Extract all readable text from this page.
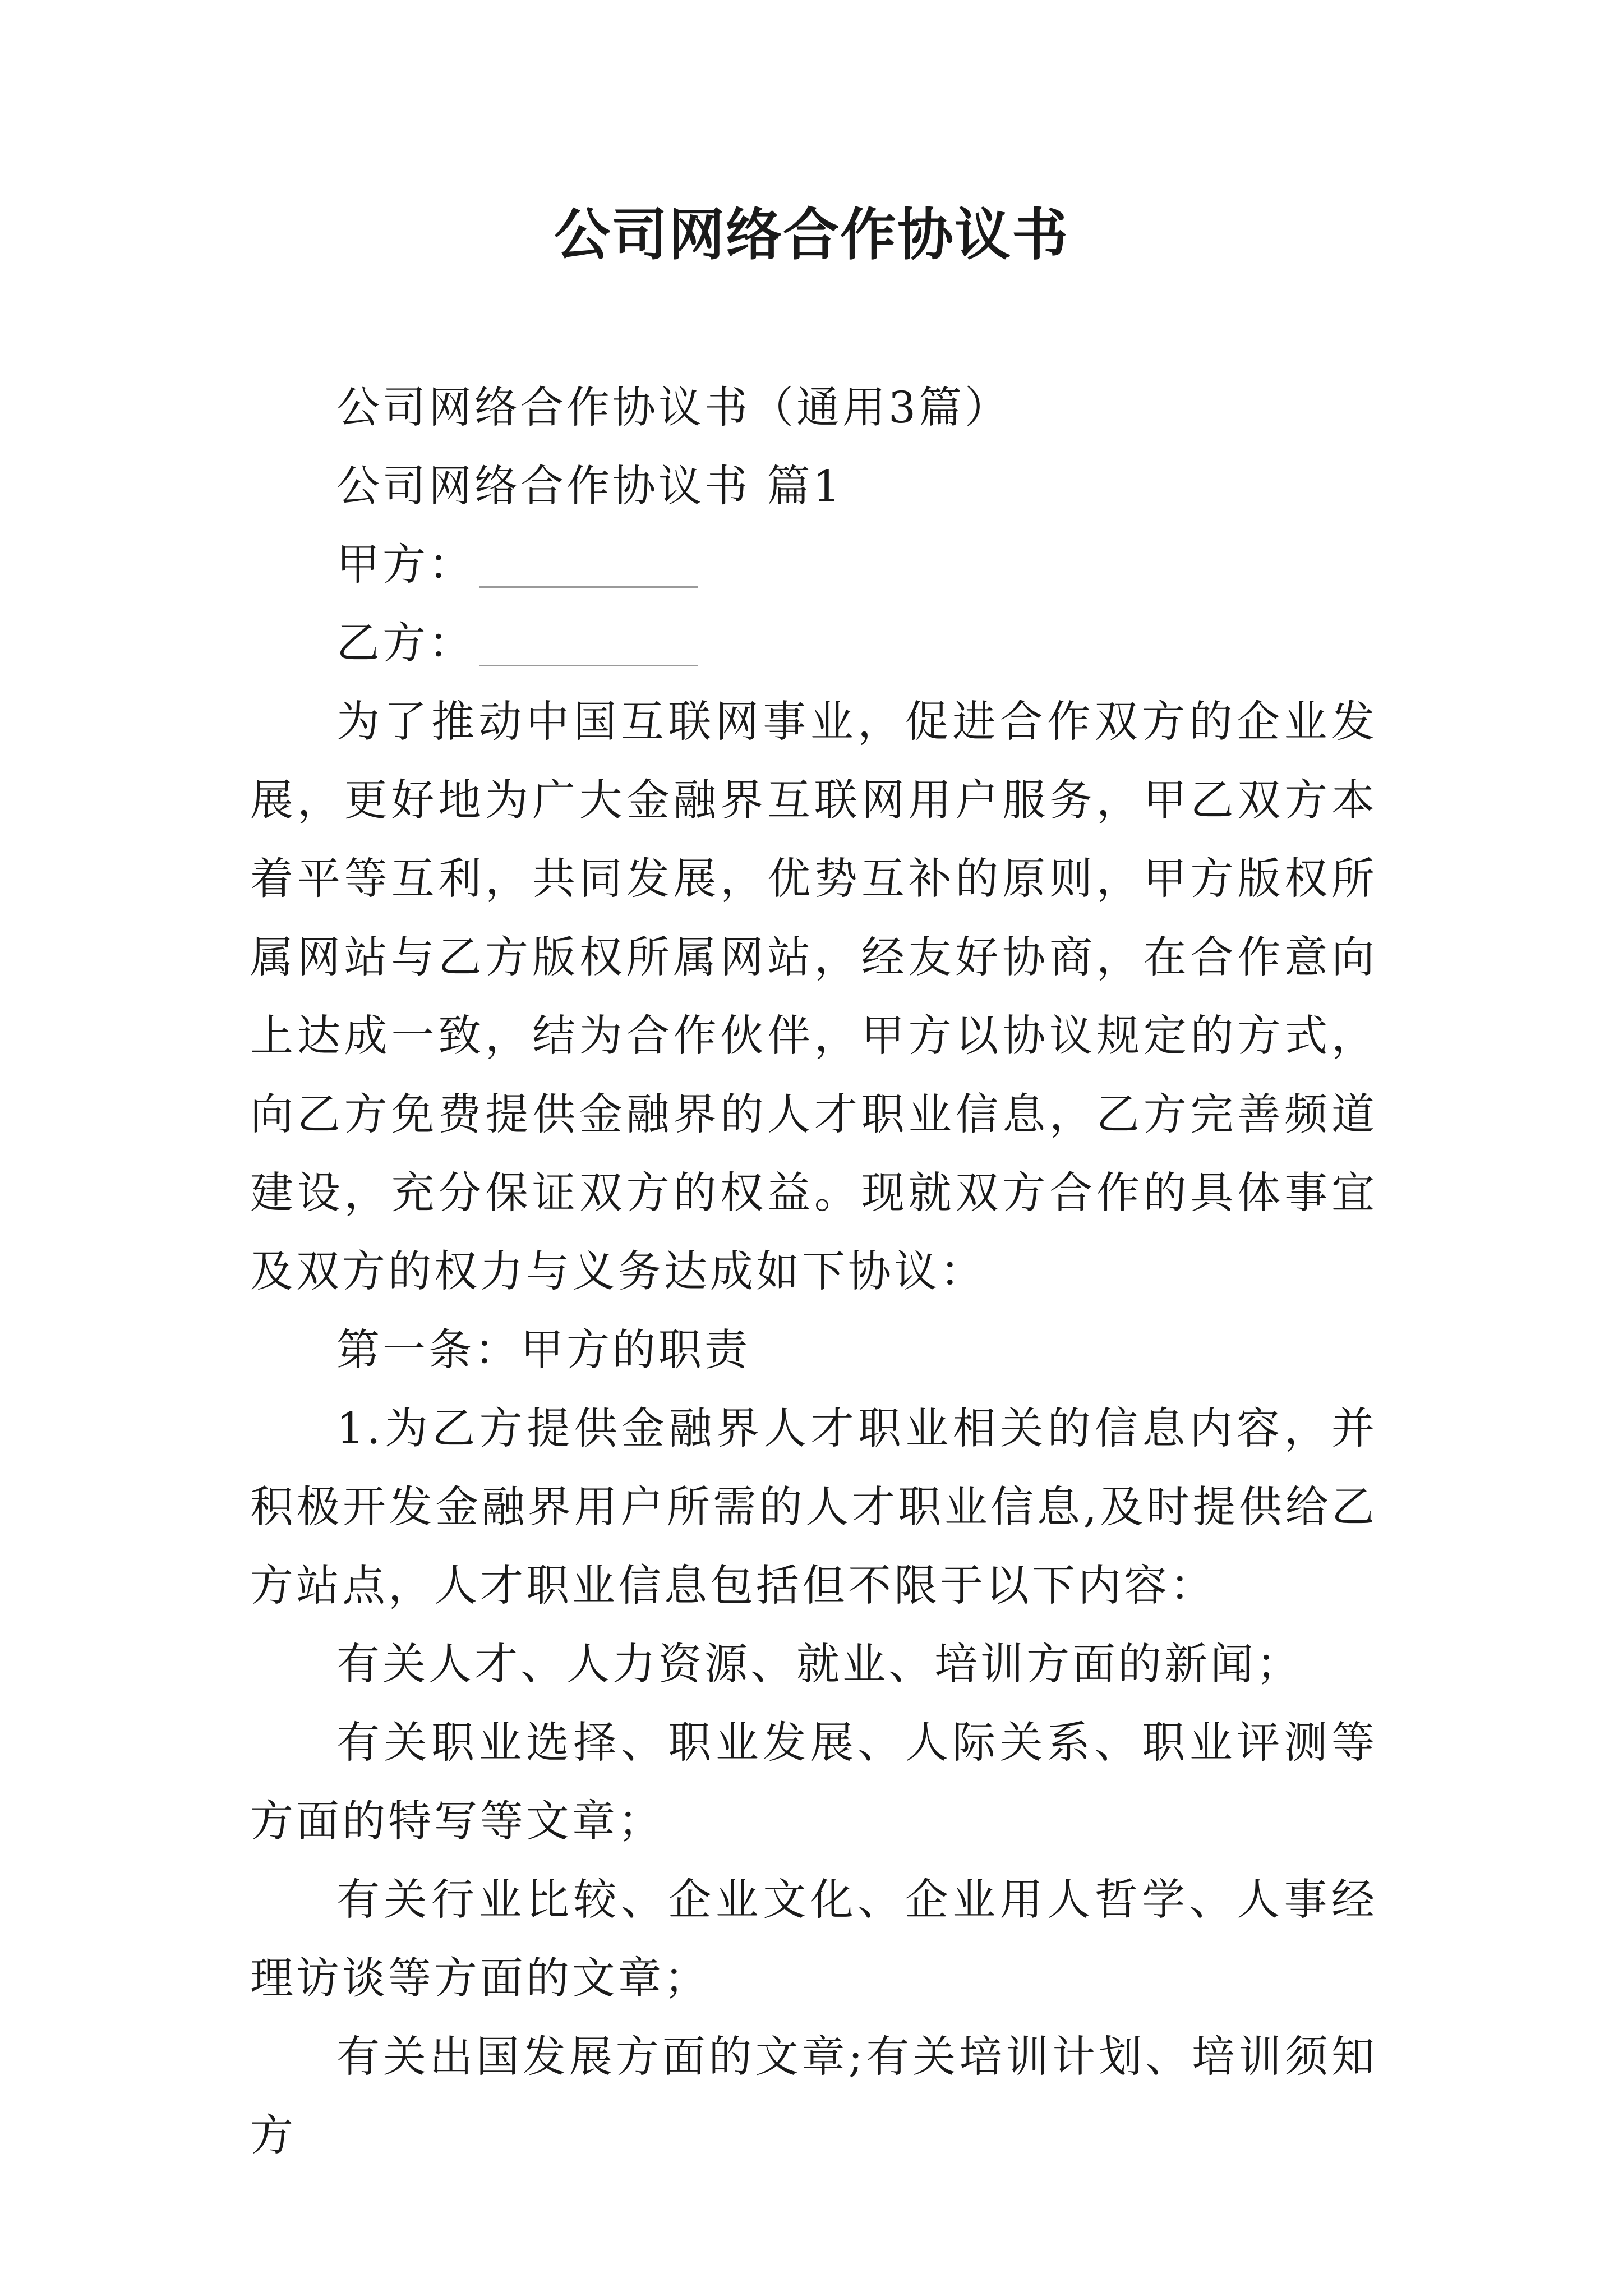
公司网络合作协议书

公司网络合作协议书（通用3篇）

公司网络合作协议书 篇1

甲方：

乙方：

为了推动中国互联网事业，促进合作双方的企业发展，更好地为广大金融界互联网用户服务，甲乙双方本着平等互利，共同发展，优势互补的原则，甲方版权所属网站与乙方版权所属网站，经友好协商，在合作意向上达成一致，结为合作伙伴，甲方以协议规定的方式，向乙方免费提供金融界的人才职业信息，乙方完善频道建设，充分保证双方的权益。现就双方合作的具体事宜及双方的权力与义务达成如下协议：

第一条：甲方的职责

1.为乙方提供金融界人才职业相关的信息内容，并积极开发金融界用户所需的人才职业信息,及时提供给乙方站点，人才职业信息包括但不限于以下内容：

有关人才、人力资源、就业、培训方面的新闻；

有关职业选择、职业发展、人际关系、职业评测等方面的特写等文章；

有关行业比较、企业文化、企业用人哲学、人事经理访谈等方面的文章；

有关出国发展方面的文章;有关培训计划、培训须知方
